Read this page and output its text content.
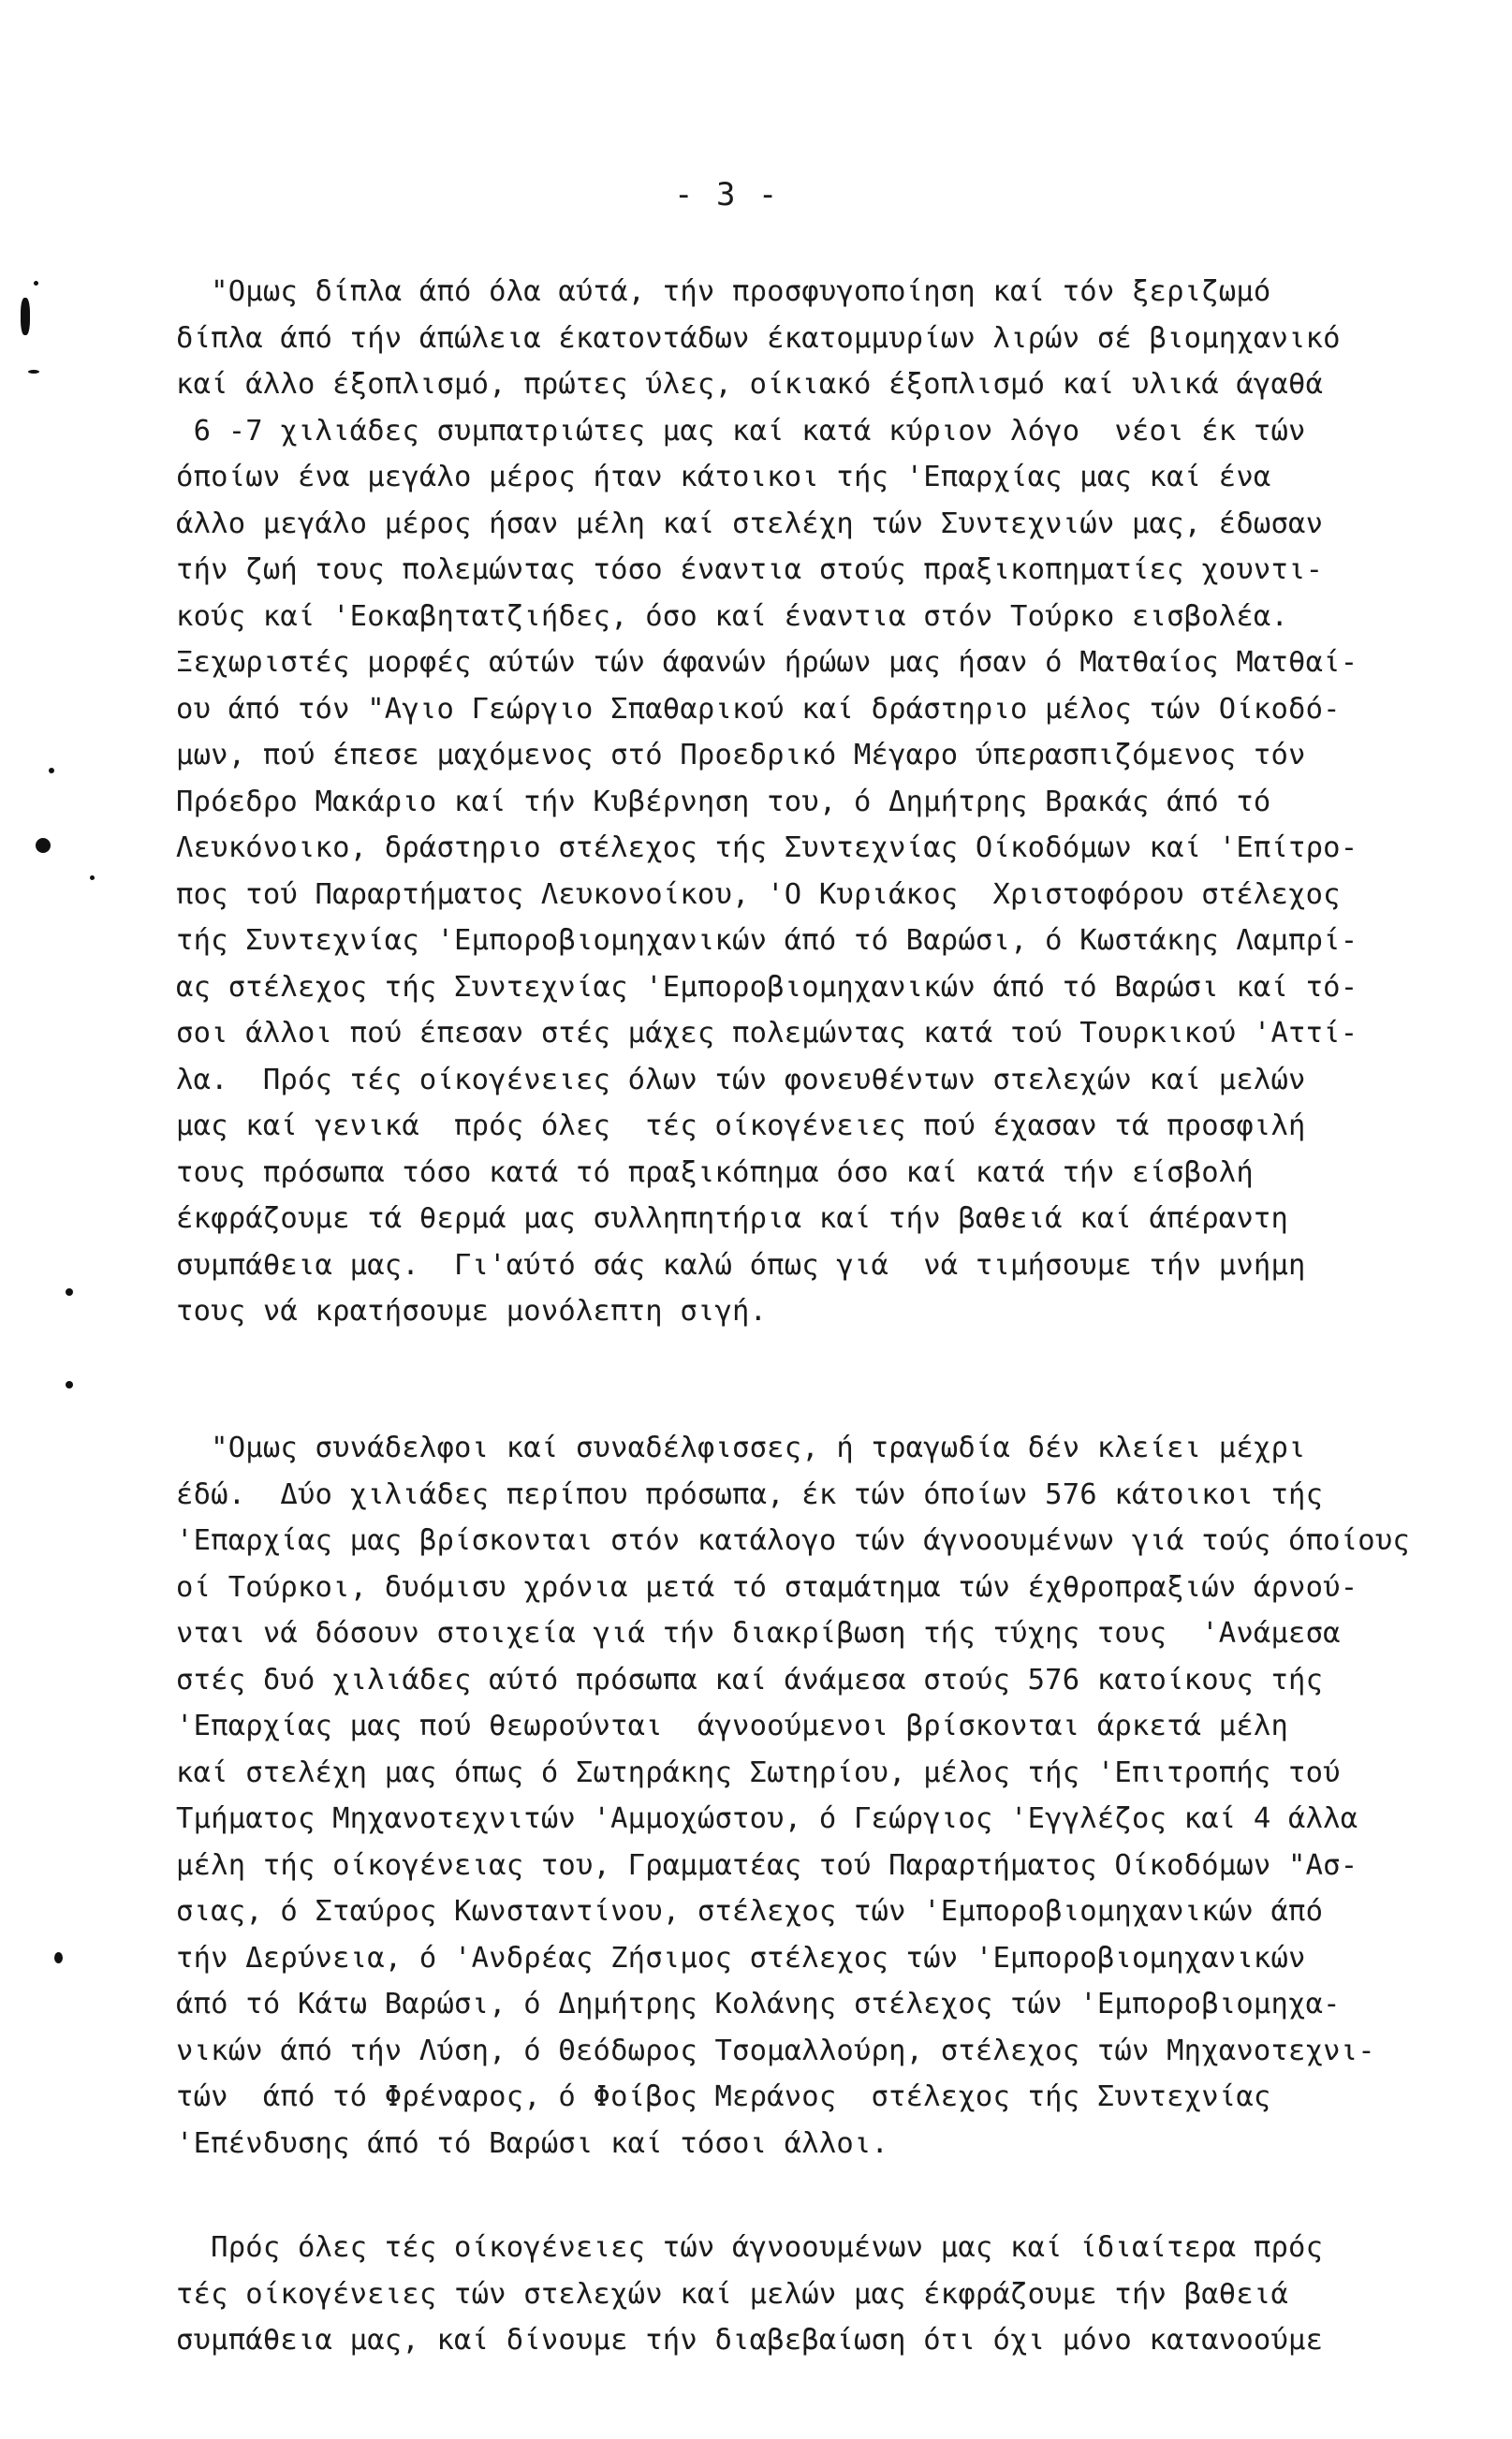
- 3 -
"Ομως δίπλα άπό όλα αύτά, τήν προσφυγοποίηση καί τόν ξεριζωμό
δίπλα άπό τήν άπώλεια έκατοντάδων έκατομμυρίων λιρών σέ βιομηχανικό
καί άλλο έξοπλισμό, πρώτες ύλες, οίκιακό έξοπλισμό καί υλικά άγαθά
6 -7 χιλιάδες συμπατριώτες μας καί κατά κύριον λόγο  νέοι έκ τών
όποίων ένα μεγάλο μέρος ήταν κάτοικοι τής 'Επαρχίας μας καί ένα
άλλο μεγάλο μέρος ήσαν μέλη καί στελέχη τών Συντεχνιών μας, έδωσαν
τήν ζωή τους πολεμώντας τόσο έναντια στούς πραξικοπηματίες χουντι-
κούς καί 'Εοκαβητατζιήδες, όσο καί έναντια στόν Τούρκο εισβολέα.
Ξεχωριστές μορφές αύτών τών άφανών ήρώων μας ήσαν ό Ματθαίος Ματθαί-
ου άπό τόν "Αγιο Γεώργιο Σπαθαρικού καί δράστηριο μέλος τών Οίκοδό-
μων, πού έπεσε μαχόμενος στό Προεδρικό Μέγαρο ύπερασπιζόμενος τόν
Πρόεδρο Μακάριο καί τήν Κυβέρνηση του, ό Δημήτρης Βρακάς άπό τό
Λευκόνοικο, δράστηριο στέλεχος τής Συντεχνίας Οίκοδόμων καί 'Επίτρο-
πος τού Παραρτήματος Λευκονοίκου, 'Ο Κυριάκος  Χριστοφόρου στέλεχος
τής Συντεχνίας 'Εμποροβιομηχανικών άπό τό Βαρώσι, ό Κωστάκης Λαμπρί-
ας στέλεχος τής Συντεχνίας 'Εμποροβιομηχανικών άπό τό Βαρώσι καί τό-
σοι άλλοι πού έπεσαν στές μάχες πολεμώντας κατά τού Τουρκικού 'Αττί-
λα.  Πρός τές οίκογένειες όλων τών φονευθέντων στελεχών καί μελών
μας καί γενικά  πρός όλες  τές οίκογένειες πού έχασαν τά προσφιλή
τους πρόσωπα τόσο κατά τό πραξικόπημα όσο καί κατά τήν είσβολή
έκφράζουμε τά θερμά μας συλληπητήρια καί τήν βαθειά καί άπέραντη
συμπάθεια μας.  Γι'αύτό σάς καλώ όπως γιά  νά τιμήσουμε τήν μνήμη
τους νά κρατήσουμε μονόλεπτη σιγή.
"Ομως συνάδελφοι καί συναδέλφισσες, ή τραγωδία δέν κλείει μέχρι
έδώ.  Δύο χιλιάδες περίπου πρόσωπα, έκ τών όποίων 576 κάτοικοι τής
'Επαρχίας μας βρίσκονται στόν κατάλογο τών άγνοουμένων γιά τούς όποίους
οί Τούρκοι, δυόμισυ χρόνια μετά τό σταμάτημα τών έχθροπραξιών άρνού-
νται νά δόσουν στοιχεία γιά τήν διακρίβωση τής τύχης τους  'Ανάμεσα
στές δυό χιλιάδες αύτό πρόσωπα καί άνάμεσα στούς 576 κατοίκους τής
'Επαρχίας μας πού θεωρούνται  άγνοούμενοι βρίσκονται άρκετά μέλη
καί στελέχη μας όπως ό Σωτηράκης Σωτηρίου, μέλος τής 'Επιτροπής τού
Τμήματος Μηχανοτεχνιτών 'Αμμοχώστου, ό Γεώργιος 'Εγγλέζος καί 4 άλλα
μέλη τής οίκογένειας του, Γραμματέας τού Παραρτήματος Οίκοδόμων "Ασ-
σιας, ό Σταύρος Κωνσταντίνου, στέλεχος τών 'Εμποροβιομηχανικών άπό
τήν Δερύνεια, ό 'Ανδρέας Ζήσιμος στέλεχος τών 'Εμποροβιομηχανικών
άπό τό Κάτω Βαρώσι, ό Δημήτρης Κολάνης στέλεχος τών 'Εμποροβιομηχα-
νικών άπό τήν Λύση, ό Θεόδωρος Τσομαλλούρη, στέλεχος τών Μηχανοτεχνι-
τών  άπό τό Φρέναρος, ό Φοίβος Μεράνος  στέλεχος τής Συντεχνίας
'Επένδυσης άπό τό Βαρώσι καί τόσοι άλλοι.
Πρός όλες τές οίκογένειες τών άγνοουμένων μας καί ίδιαίτερα πρός
τές οίκογένειες τών στελεχών καί μελών μας έκφράζουμε τήν βαθειά
συμπάθεια μας, καί δίνουμε τήν διαβεβαίωση ότι όχι μόνο κατανοούμε
